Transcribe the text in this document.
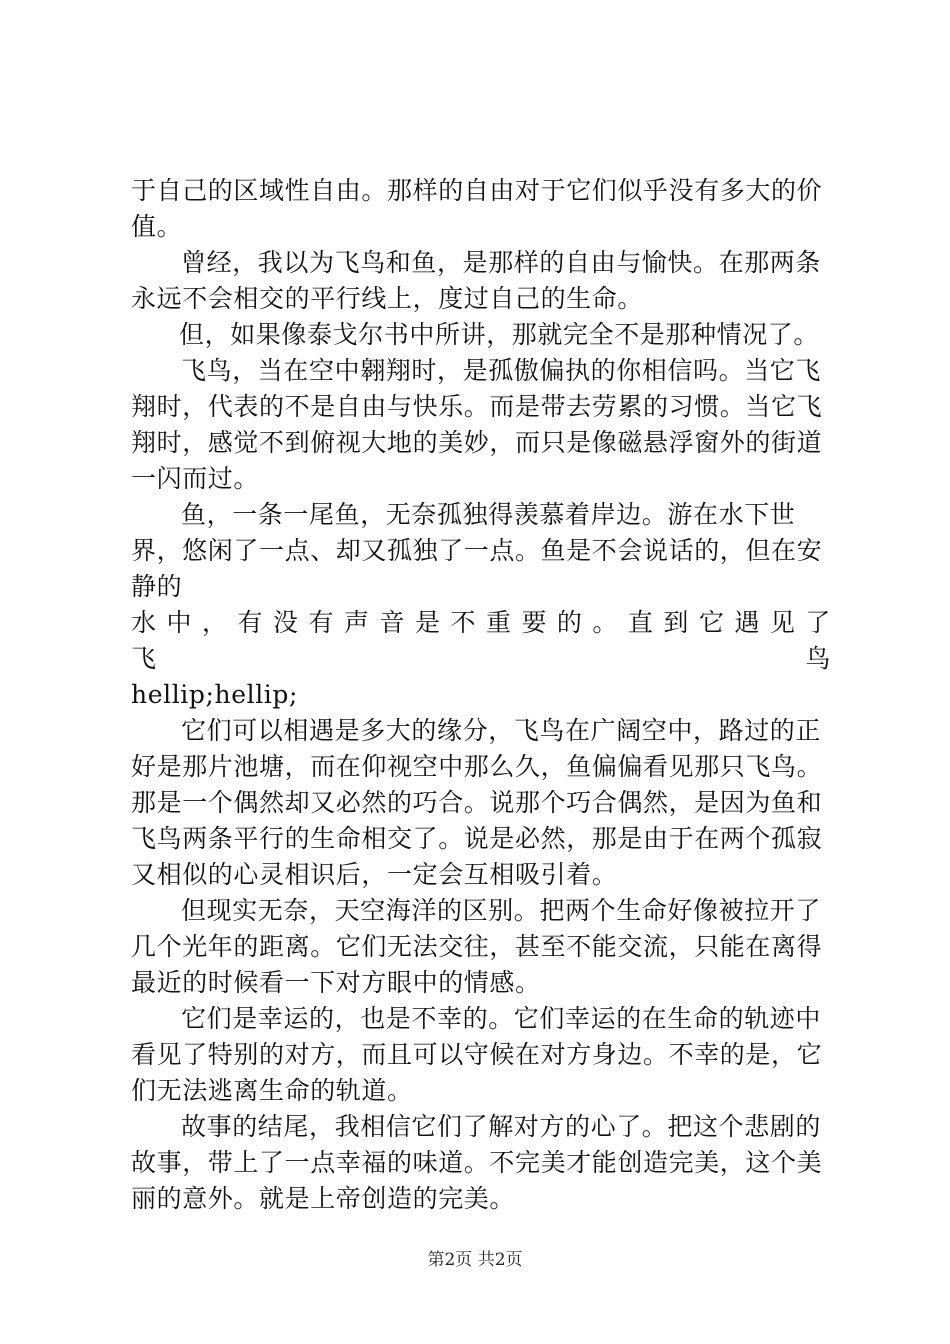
于自己的区域性自由。那样的自由对于它们似乎没有多大的价值。

曾经，我以为飞鸟和鱼，是那样的自由与愉快。在那两条永远不会相交的平行线上，度过自己的生命。

但，如果像泰戈尔书中所讲，那就完全不是那种情况了。

飞鸟，当在空中翱翔时，是孤傲偏执的你相信吗。当它飞翔时，代表的不是自由与快乐。而是带去劳累的习惯。当它飞翔时，感觉不到俯视大地的美妙，而只是像磁悬浮窗外的街道一闪而过。

鱼，一条一尾鱼，无奈孤独得羡慕着岸边。游在水下世界，悠闲了一点、却又孤独了一点。鱼是不会说话的，但在安静的

水 中 ， 有 没 有 声 音 是 不 重 要 的 。 直 到 它 遇 见 了 飞 鸟

hellip;hellip;

它们可以相遇是多大的缘分，飞鸟在广阔空中，路过的正好是那片池塘，而在仰视空中那么久，鱼偏偏看见那只飞鸟。那是一个偶然却又必然的巧合。说那个巧合偶然，是因为鱼和飞鸟两条平行的生命相交了。说是必然，那是由于在两个孤寂又相似的心灵相识后，一定会互相吸引着。

但现实无奈，天空海洋的区别。把两个生命好像被拉开了几个光年的距离。它们无法交往，甚至不能交流，只能在离得最近的时候看一下对方眼中的情感。

它们是幸运的，也是不幸的。它们幸运的在生命的轨迹中看见了特别的对方，而且可以守候在对方身边。不幸的是，它们无法逃离生命的轨道。

故事的结尾，我相信它们了解对方的心了。把这个悲剧的故事，带上了一点幸福的味道。不完美才能创造完美，这个美丽的意外。就是上帝创造的完美。

第2页 共2页
